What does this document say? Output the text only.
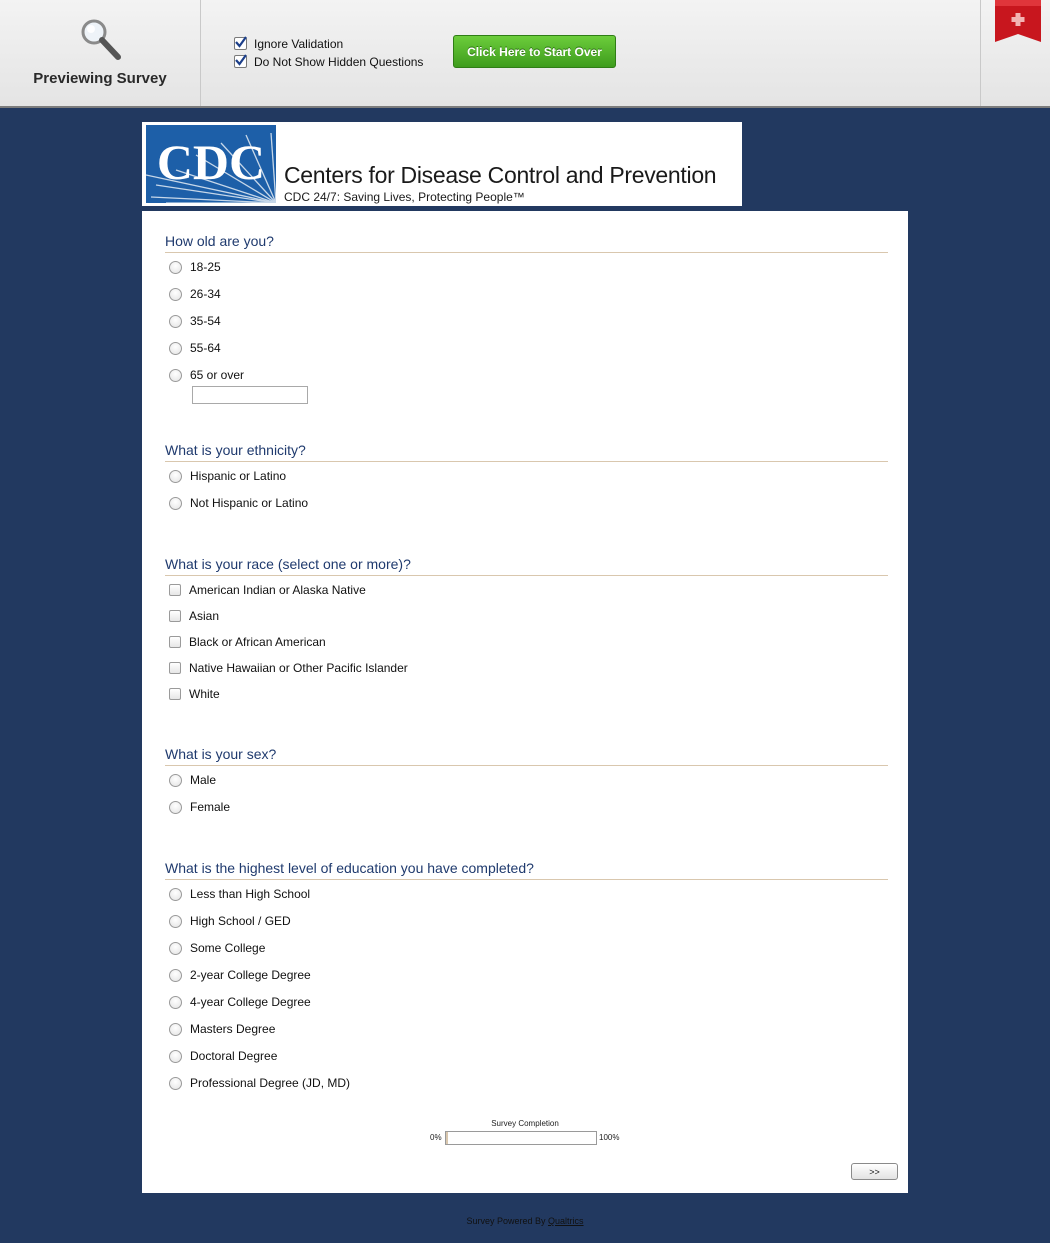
Previewing Survey
Ignore Validation
Do Not Show Hidden Questions
Click Here to Start Over
CDC Centers for Disease Control and Prevention
CDC 24/7: Saving Lives, Protecting People™
How old are you?
18-25
26-34
35-54
55-64
65 or over
What is your ethnicity?
Hispanic or Latino
Not Hispanic or Latino
What is your race (select one or more)?
American Indian or Alaska Native
Asian
Black or African American
Native Hawaiian or Other Pacific Islander
White
What is your sex?
Male
Female
What is the highest level of education you have completed?
Less than High School
High School / GED
Some College
2-year College Degree
4-year College Degree
Masters Degree
Doctoral Degree
Professional Degree (JD, MD)
Survey Completion
0%	100%
>>
Survey Powered By Qualtrics
